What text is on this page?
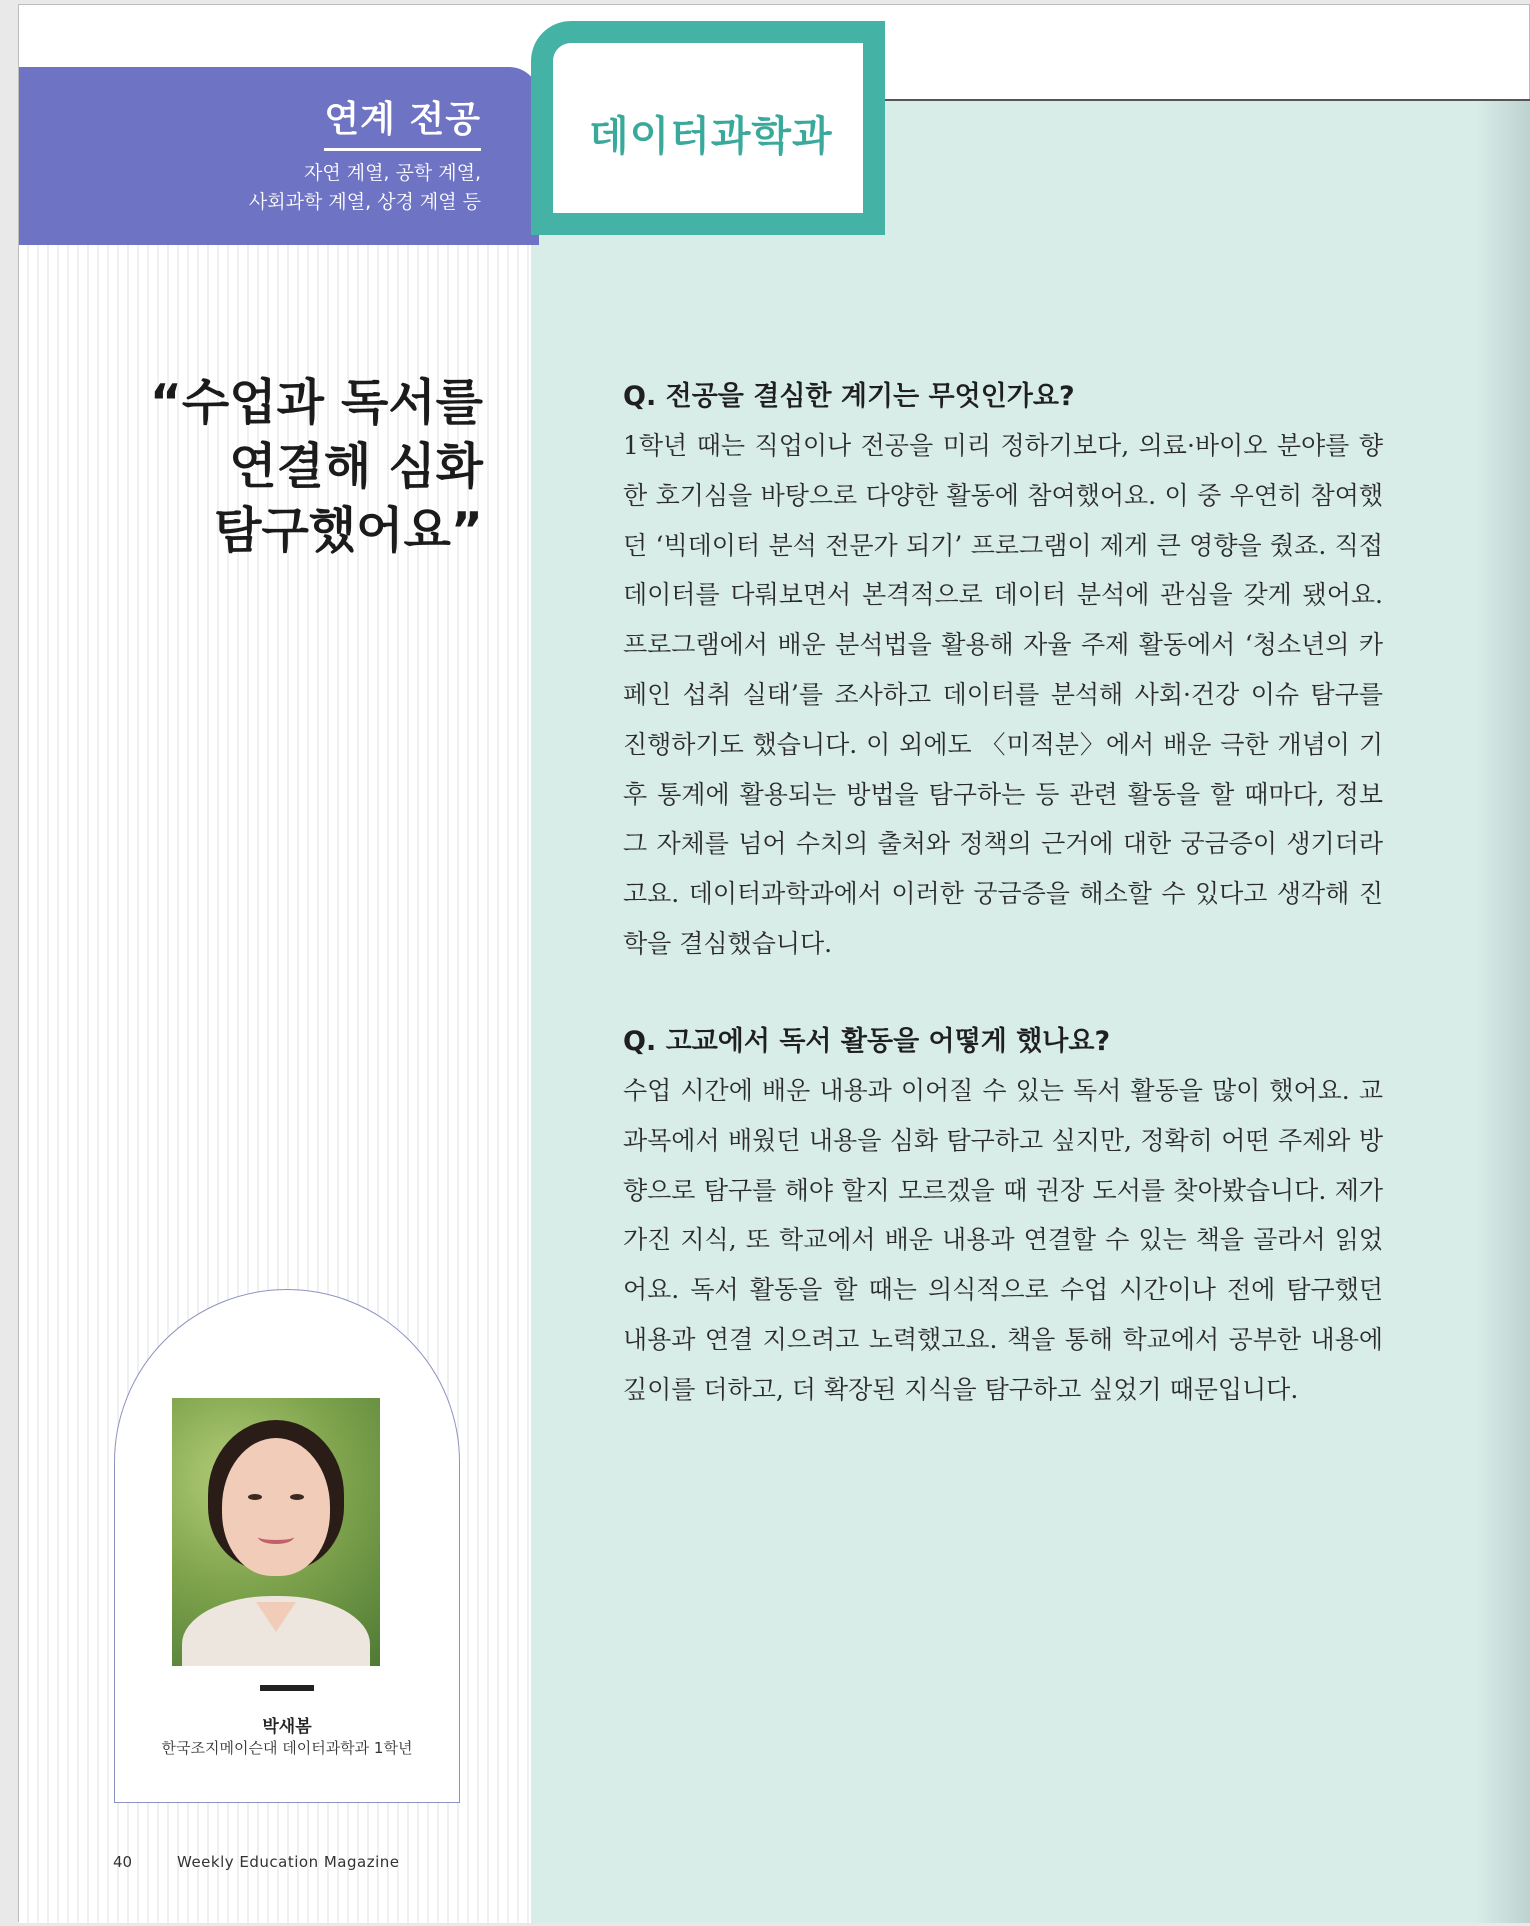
연계 전공
자연 계열, 공학 계열,
사회과학 계열, 상경 계열 등
데이터과학과
“수업과 독서를
연결해 심화
탐구했어요”
박새봄
한국조지메이슨대 데이터과학과 1학년
Q. 전공을 결심한 계기는 무엇인가요?
1학년 때는 직업이나 전공을 미리 정하기보다, 의료·바이오 분야를 향한 호기심을 바탕으로 다양한 활동에 참여했어요. 이 중 우연히 참여했던 ‘빅데이터 분석 전문가 되기’ 프로그램이 제게 큰 영향을 줬죠. 직접 데이터를 다뤄보면서 본격적으로 데이터 분석에 관심을 갖게 됐어요. 프로그램에서 배운 분석법을 활용해 자율 주제 활동에서 ‘청소년의 카페인 섭취 실태’를 조사하고 데이터를 분석해 사회·건강 이슈 탐구를 진행하기도 했습니다. 이 외에도 〈미적분〉에서 배운 극한 개념이 기후 통계에 활용되는 방법을 탐구하는 등 관련 활동을 할 때마다, 정보 그 자체를 넘어 수치의 출처와 정책의 근거에 대한 궁금증이 생기더라고요. 데이터과학과에서 이러한 궁금증을 해소할 수 있다고 생각해 진학을 결심했습니다.
Q. 고교에서 독서 활동을 어떻게 했나요?
수업 시간에 배운 내용과 이어질 수 있는 독서 활동을 많이 했어요. 교과목에서 배웠던 내용을 심화 탐구하고 싶지만, 정확히 어떤 주제와 방향으로 탐구를 해야 할지 모르겠을 때 권장 도서를 찾아봤습니다. 제가 가진 지식, 또 학교에서 배운 내용과 연결할 수 있는 책을 골라서 읽었어요. 독서 활동을 할 때는 의식적으로 수업 시간이나 전에 탐구했던 내용과 연결 지으려고 노력했고요. 책을 통해 학교에서 공부한 내용에 깊이를 더하고, 더 확장된 지식을 탐구하고 싶었기 때문입니다.
40	Weekly Education Magazine
